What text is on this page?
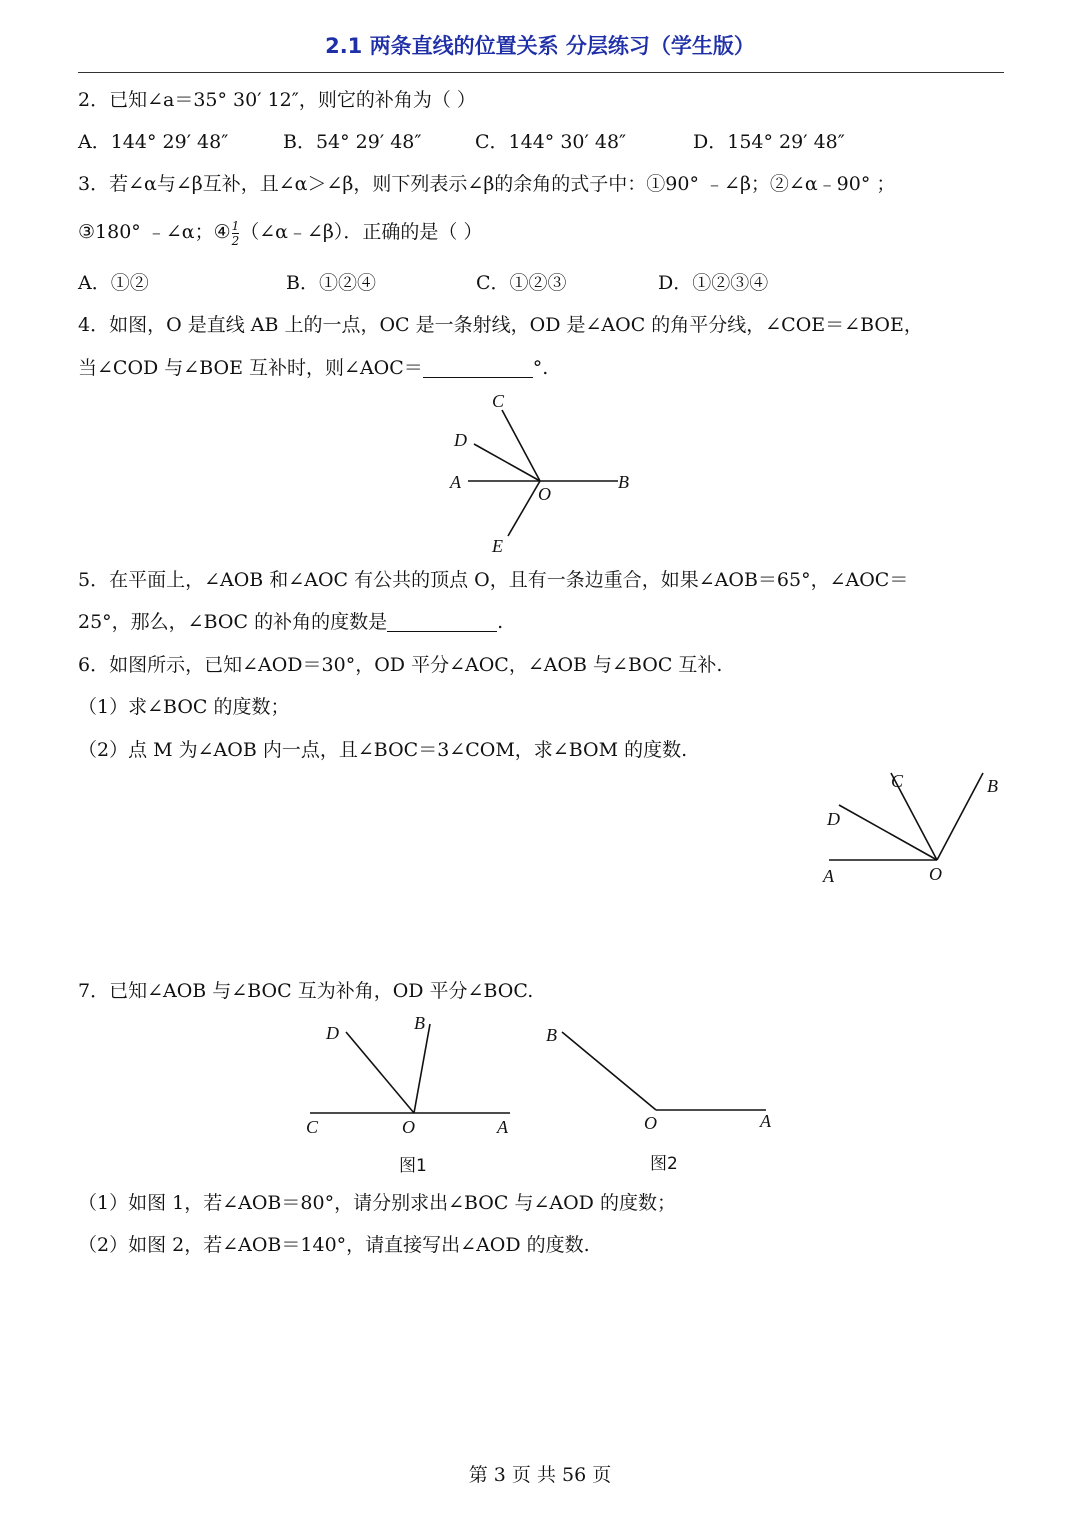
2.1 两条直线的位置关系 分层练习（学生版）
2．已知∠a＝35° 30′ 12″，则它的补角为（ ）
A．144° 29′ 48″	B．54° 29′ 48″	C．144° 30′ 48″	D．154° 29′ 48″
3．若∠α与∠β互补，且∠α＞∠β，则下列表示∠β的余角的式子中：①90° ﹣∠β；②∠α﹣90° ；
③180° ﹣∠α；④ $\frac{1}{2}$ （∠α﹣∠β）．正确的是（ ）
A．①②	B．①②④	C．①②③	D．①②③④
4．如图，O 是直线 AB 上的一点，OC 是一条射线，OD 是∠AOC 的角平分线，∠COE＝∠BOE，
当∠COD 与∠BOE 互补时，则∠AOC＝	°.
C
D
A
O
B
E
5．在平面上，∠AOB 和∠AOC 有公共的顶点 O，且有一条边重合，如果∠AOB＝65°，∠AOC＝
25°，那么，∠BOC 的补角的度数是	.
6．如图所示，已知∠AOD＝30°，OD 平分∠AOC，∠AOB 与∠BOC 互补.
（1）求∠BOC 的度数；
（2）点 M 为∠AOB 内一点，且∠BOC＝3∠COM，求∠BOM 的度数.
C	B
D
A	O
7．已知∠AOB 与∠BOC 互为补角，OD 平分∠BOC.
D	B
C	O	A
图1
B
O	A
图2
（1）如图 1，若∠AOB＝80°，请分别求出∠BOC 与∠AOD 的度数；
（2）如图 2，若∠AOB＝140°，请直接写出∠AOD 的度数.
第 3 页 共 56 页
